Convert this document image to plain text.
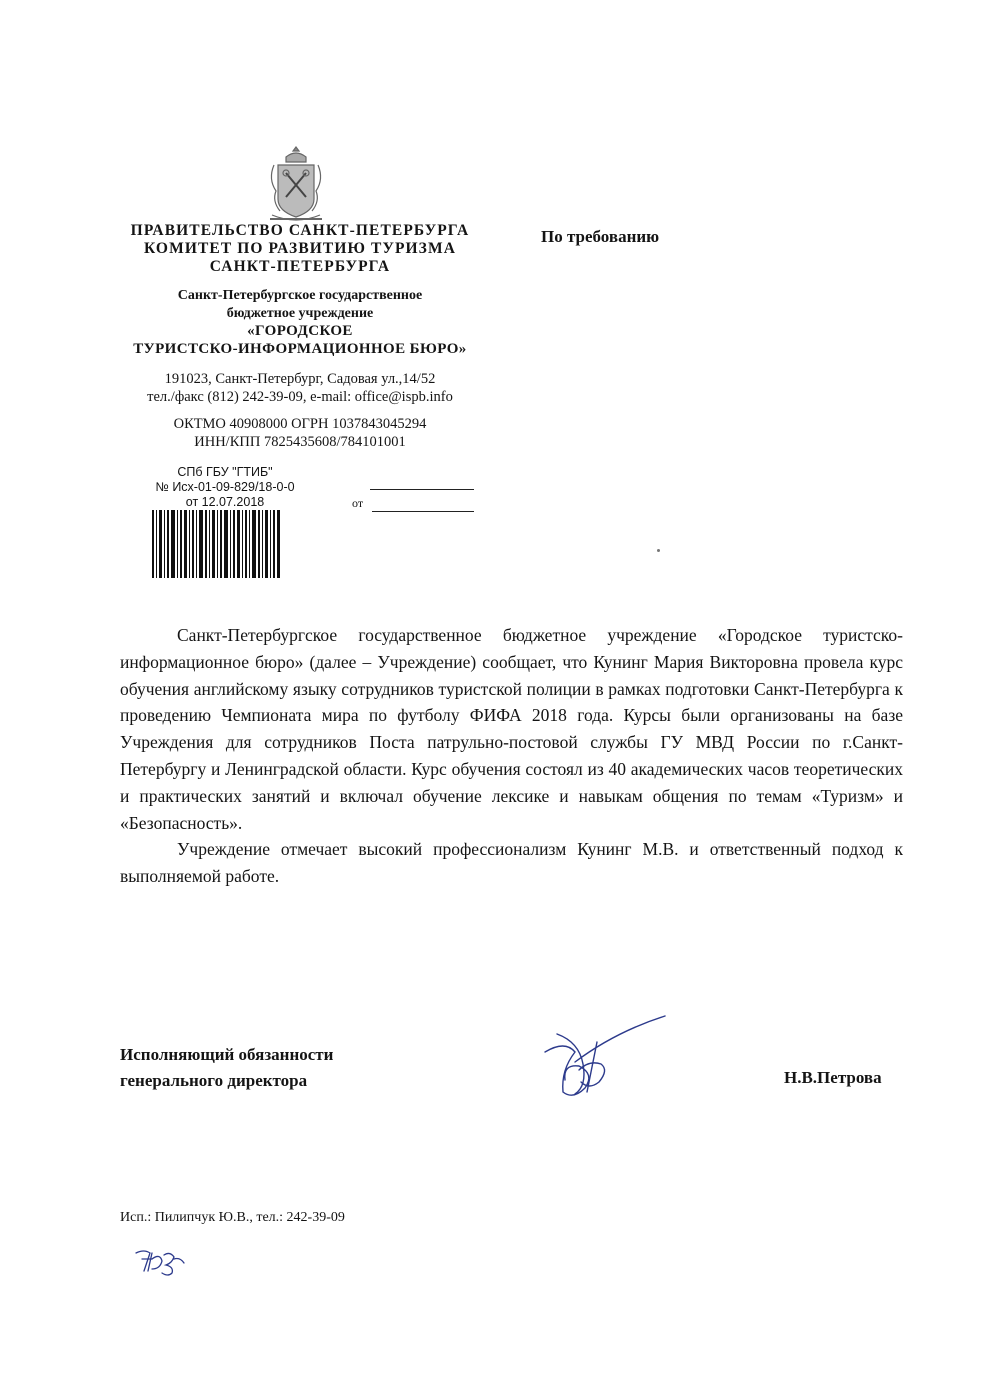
ПРАВИТЕЛЬСТВО САНКТ-ПЕТЕРБУРГА
КОМИТЕТ ПО РАЗВИТИЮ ТУРИЗМА
САНКТ-ПЕТЕРБУРГА
Санкт-Петербургское государственное
бюджетное учреждение
«ГОРОДСКОЕ
ТУРИСТСКО-ИНФОРМАЦИОННОЕ БЮРО»
191023, Санкт-Петербург, Садовая ул.,14/52
тел./факс (812) 242-39-09, e-mail: office@ispb.info
ОКТМО 40908000 ОГРН 1037843045294
ИНН/КПП 7825435608/784101001
По требованию
СПб ГБУ "ГТИБ"
№ Исх-01-09-829/18-0-0
от 12.07.2018	от

Санкт-Петербургское государственное бюджетное учреждение «Городское туристско-информационное бюро» (далее – Учреждение) сообщает, что Кунинг Мария Викторовна провела курс обучения английскому языку сотрудников туристской полиции в рамках подготовки Санкт-Петербурга к проведению Чемпионата мира по футболу ФИФА 2018 года. Курсы были организованы на базе Учреждения для сотрудников Поста патрульно-постовой службы ГУ МВД России по г.Санкт-Петербургу и Ленинградской области. Курс обучения состоял из 40 академических часов теоретических и практических занятий и включал обучение лексике и навыкам общения по темам «Туризм» и «Безопасность».

Учреждение отмечает высокий профессионализм Кунинг М.В. и ответственный подход к выполняемой работе.

Исполняющий обязанности
генерального директора	Н.В.Петрова
Исп.: Пилипчук Ю.В., тел.: 242-39-09
